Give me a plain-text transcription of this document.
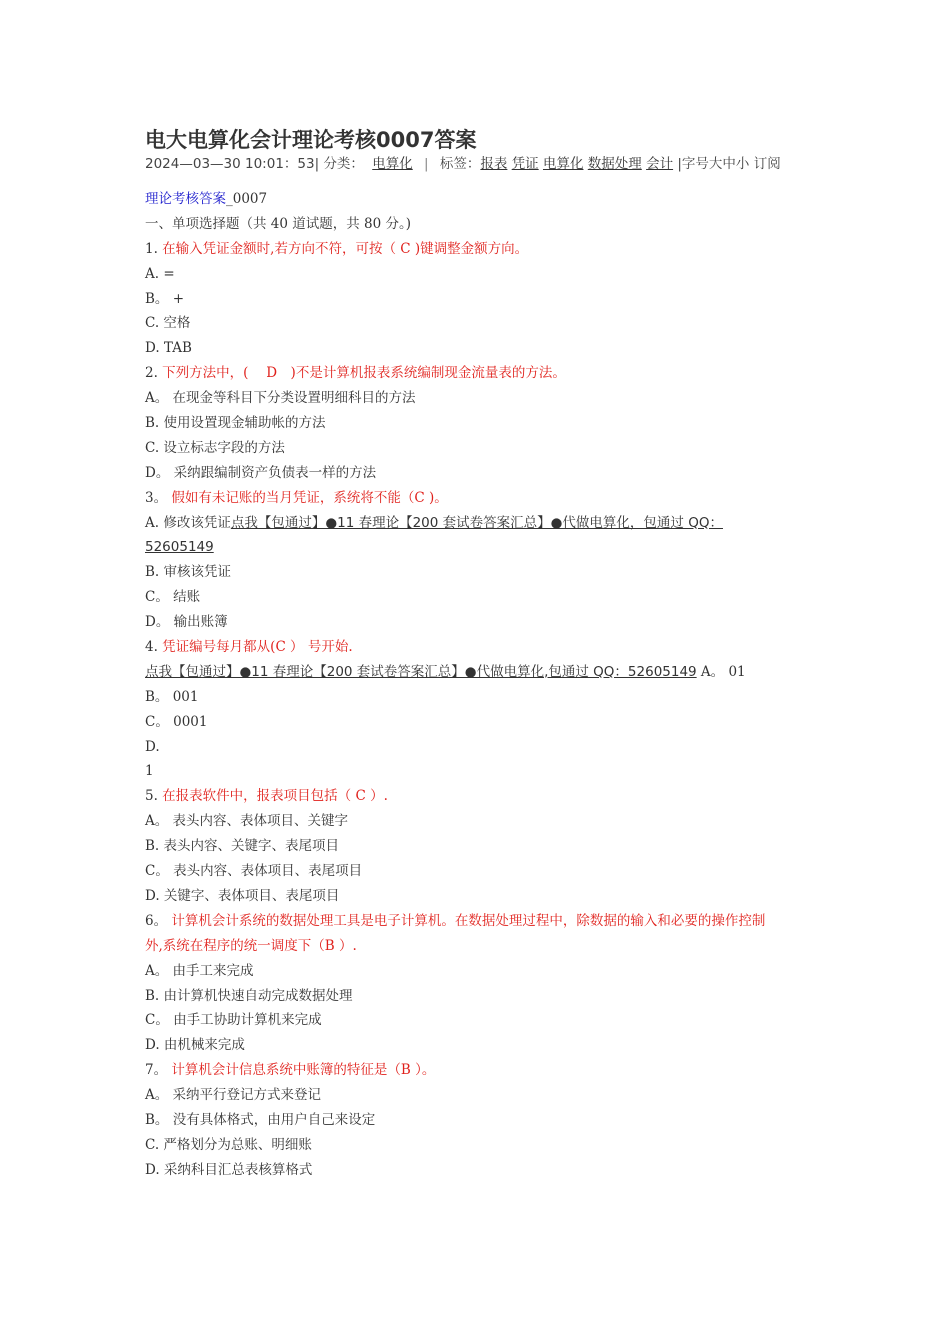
电大电算化会计理论考核0007答案
2024—03—30 10:01：53| 分类： 电算化 | 标签：报表 凭证 电算化 数据处理 会计 |字号大中小 订阅
理论考核答案_0007
一、单项选择题（共 40 道试题，共 80 分。)
1. 在输入凭证金额时,若方向不符，可按（ C )键调整金额方向。
A. =
B。 +
C. 空格
D. TAB
2. 下列方法中，(　 D　)不是计算机报表系统编制现金流量表的方法。
A。 在现金等科目下分类设置明细科目的方法
B. 使用设置现金辅助帐的方法
C. 设立标志字段的方法
D。 采纳跟编制资产负债表一样的方法
3。 假如有未记账的当月凭证，系统将不能（C )。
A. 修改该凭证点我【包通过】●11 春理论【200 套试卷答案汇总】●代做电算化，包通过 QQ：
52605149
B. 审核该凭证
C。 结账
D。 输出账簿
4. 凭证编号每月都从(C ） 号开始.
点我【包通过】●11 春理论【200 套试卷答案汇总】●代做电算化,包通过 QQ：52605149 A。 01
B。 001
C。 0001
D.
1
5. 在报表软件中，报表项目包括（ C ）.
A。 表头内容、表体项目、关键字
B. 表头内容、关键字、表尾项目
C。 表头内容、表体项目、表尾项目
D. 关键字、表体项目、表尾项目
6。 计算机会计系统的数据处理工具是电子计算机。在数据处理过程中，除数据的输入和必要的操作控制
外,系统在程序的统一调度下（B ）.
A。 由手工来完成
B. 由计算机快速自动完成数据处理
C。 由手工协助计算机来完成
D. 由机械来完成
7。 计算机会计信息系统中账簿的特征是（B ）。
A。 采纳平行登记方式来登记
B。 没有具体格式，由用户自己来设定
C. 严格划分为总账、明细账
D. 采纳科目汇总表核算格式
